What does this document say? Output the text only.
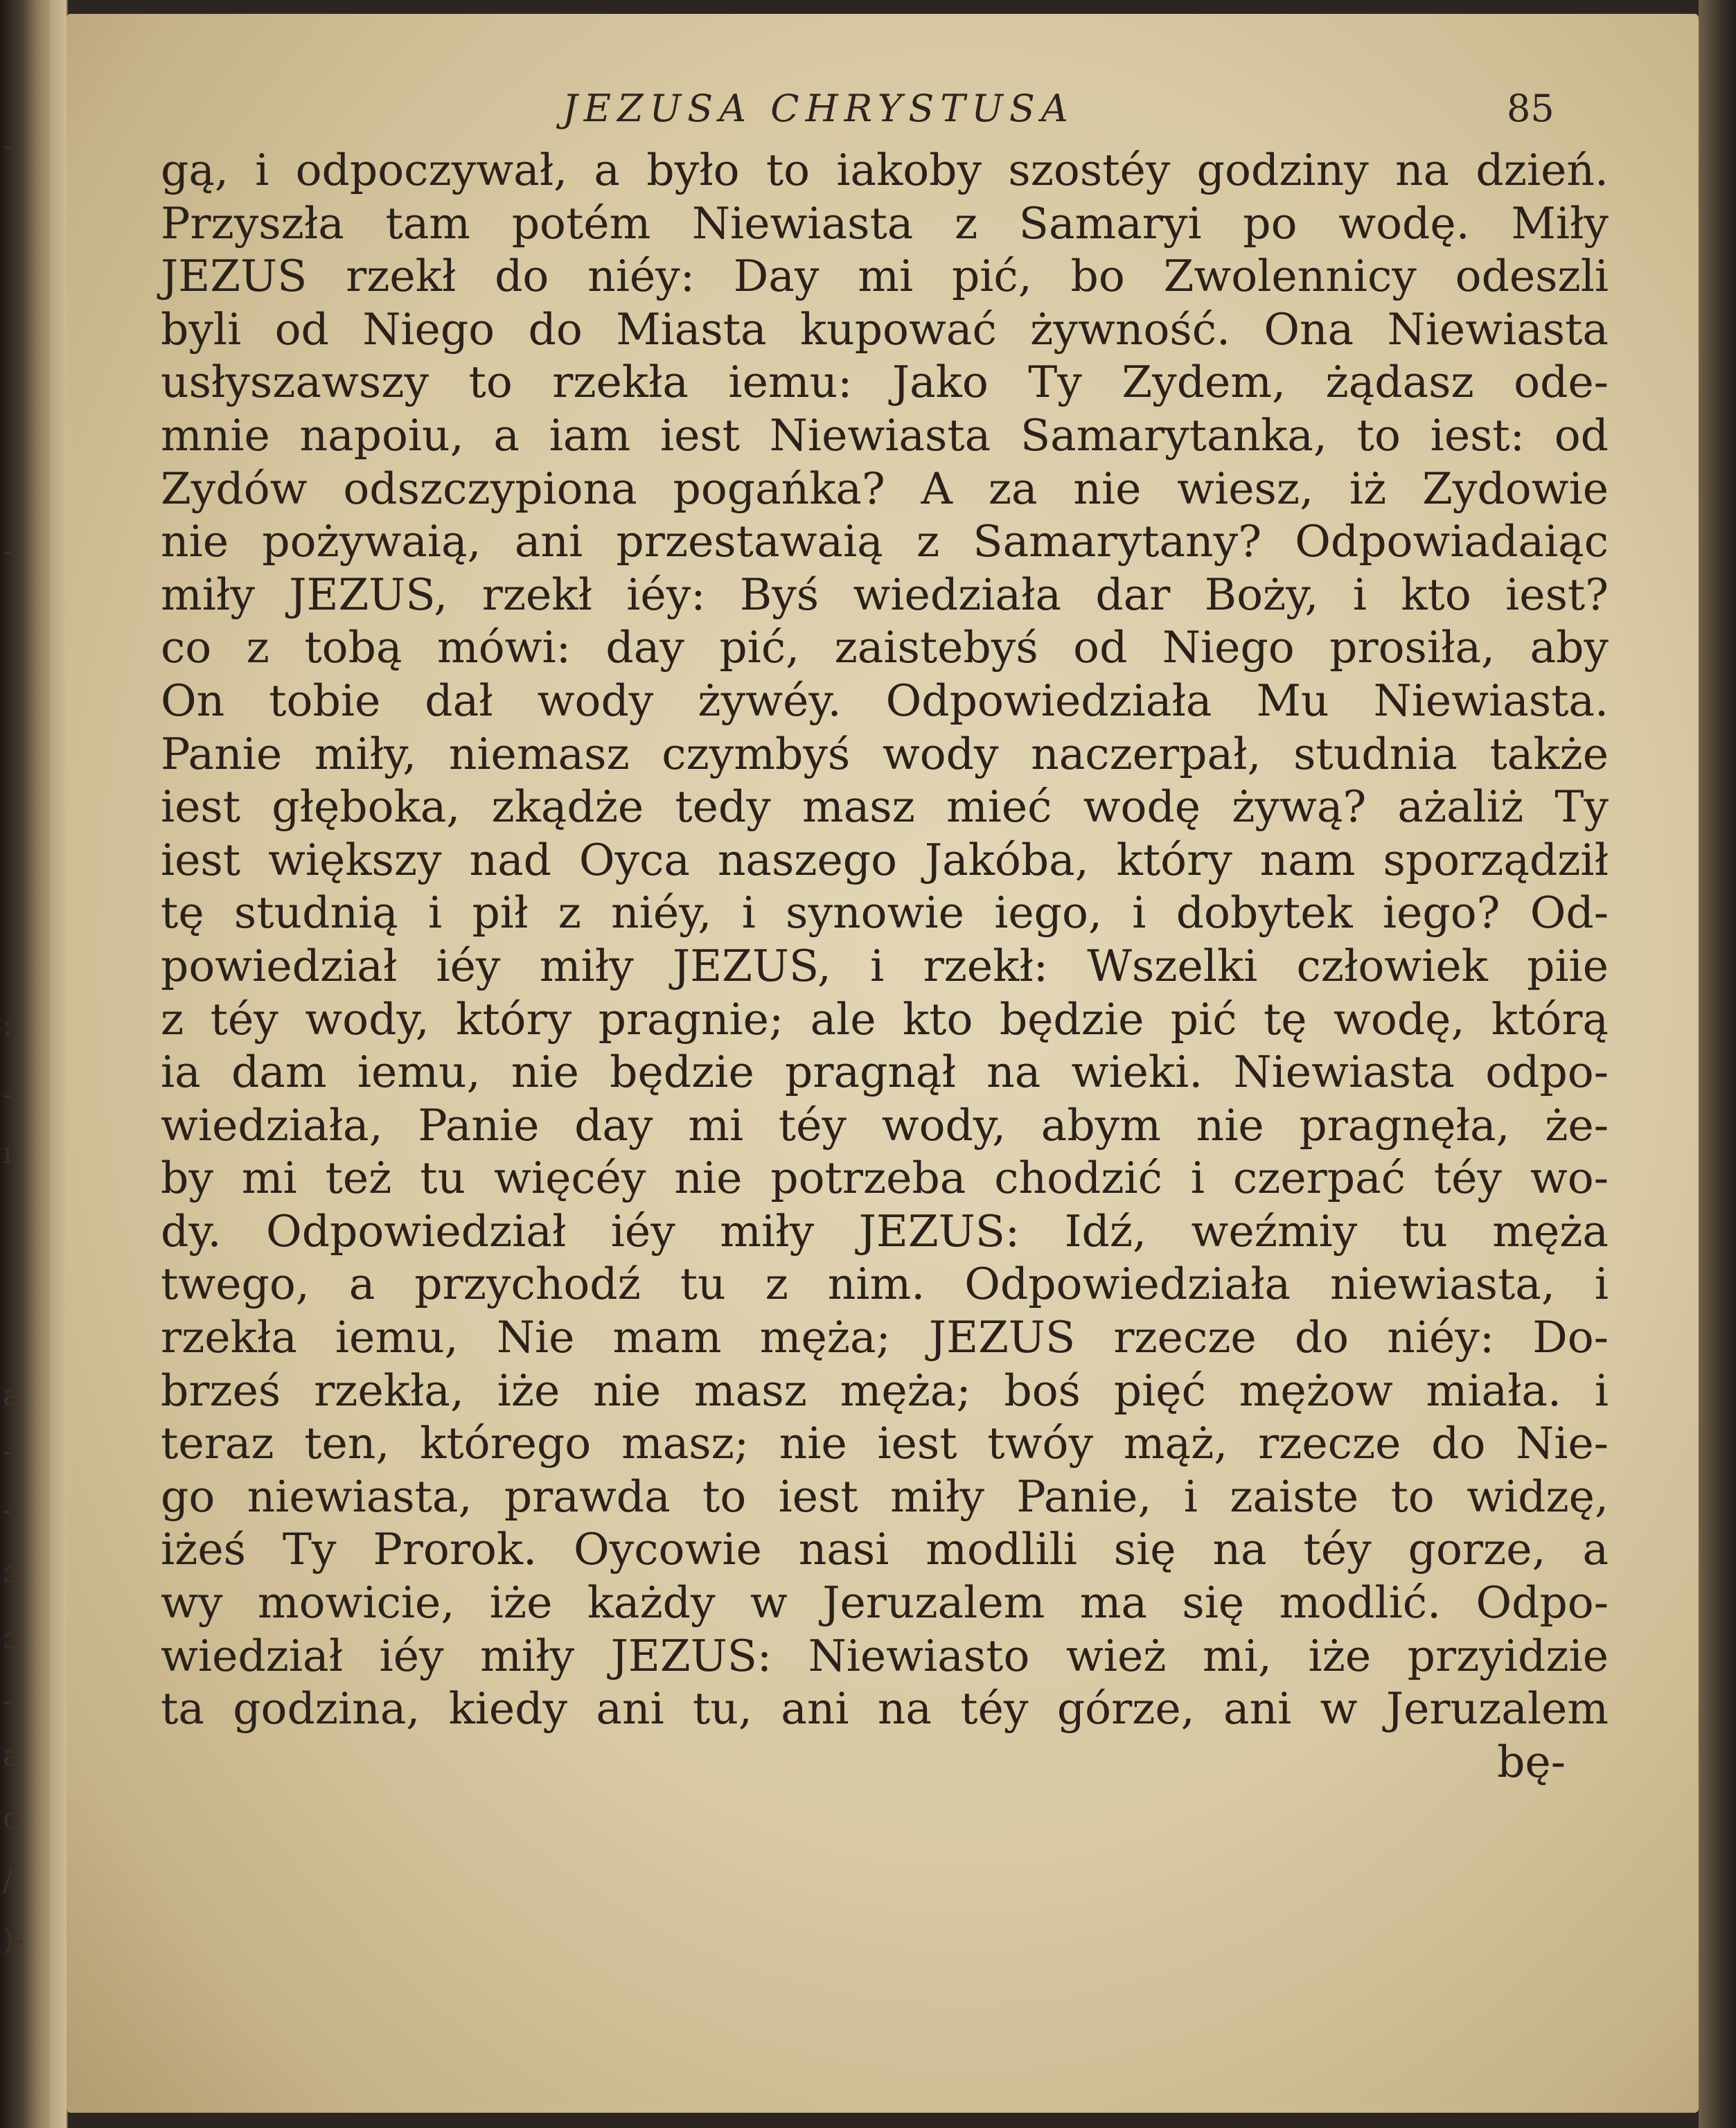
-
-
:
-
ı
a
-
-
ɔ
ɔ
-
a
o
/
)-
JEZUSA CHRYSTUSA	85
gą, i odpoczywał, a było to iakoby szostéy godziny na dzień.
Przyszła tam potém Niewiasta z Samaryi po wodę. Miły
JEZUS rzekł do niéy: Day mi pić, bo Zwolennicy odeszli
byli od Niego do Miasta kupować żywność. Ona Niewiasta
usłyszawszy to rzekła iemu: Jako Ty Zydem, żądasz ode-
mnie napoiu, a iam iest Niewiasta Samarytanka, to iest: od
Zydów odszczypiona pogańka? A za nie wiesz, iż Zydowie
nie pożywaią, ani przestawaią z Samarytany? Odpowiadaiąc
miły JEZUS, rzekł iéy: Byś wiedziała dar Boży, i kto iest?
co z tobą mówi: day pić, zaistebyś od Niego prosiła, aby
On tobie dał wody żywéy. Odpowiedziała Mu Niewiasta.
Panie miły, niemasz czymbyś wody naczerpał, studnia także
iest głęboka, zkądże tedy masz mieć wodę żywą? ażaliż Ty
iest większy nad Oyca naszego Jakóba, który nam sporządził
tę studnią i pił z niéy, i synowie iego, i dobytek iego? Od-
powiedział iéy miły JEZUS, i rzekł: Wszelki człowiek piie
z téy wody, który pragnie; ale kto będzie pić tę wodę, którą
ia dam iemu, nie będzie pragnął na wieki. Niewiasta odpo-
wiedziała, Panie day mi téy wody, abym nie pragnęła, że-
by mi też tu więcéy nie potrzeba chodzić i czerpać téy wo-
dy. Odpowiedział iéy miły JEZUS: Idź, weźmiy tu męża
twego, a przychodź tu z nim. Odpowiedziała niewiasta, i
rzekła iemu, Nie mam męża; JEZUS rzecze do niéy: Do-
brześ rzekła, iże nie masz męża; boś pięć mężow miała. i
teraz ten, którego masz; nie iest twóy mąż, rzecze do Nie-
go niewiasta, prawda to iest miły Panie, i zaiste to widzę,
iżeś Ty Prorok. Oycowie nasi modlili się na téy gorze, a
wy mowicie, iże każdy w Jeruzalem ma się modlić. Odpo-
wiedział iéy miły JEZUS: Niewiasto wież mi, iże przyidzie
ta godzina, kiedy ani tu, ani na téy górze, ani w Jeruzalem
bę-
